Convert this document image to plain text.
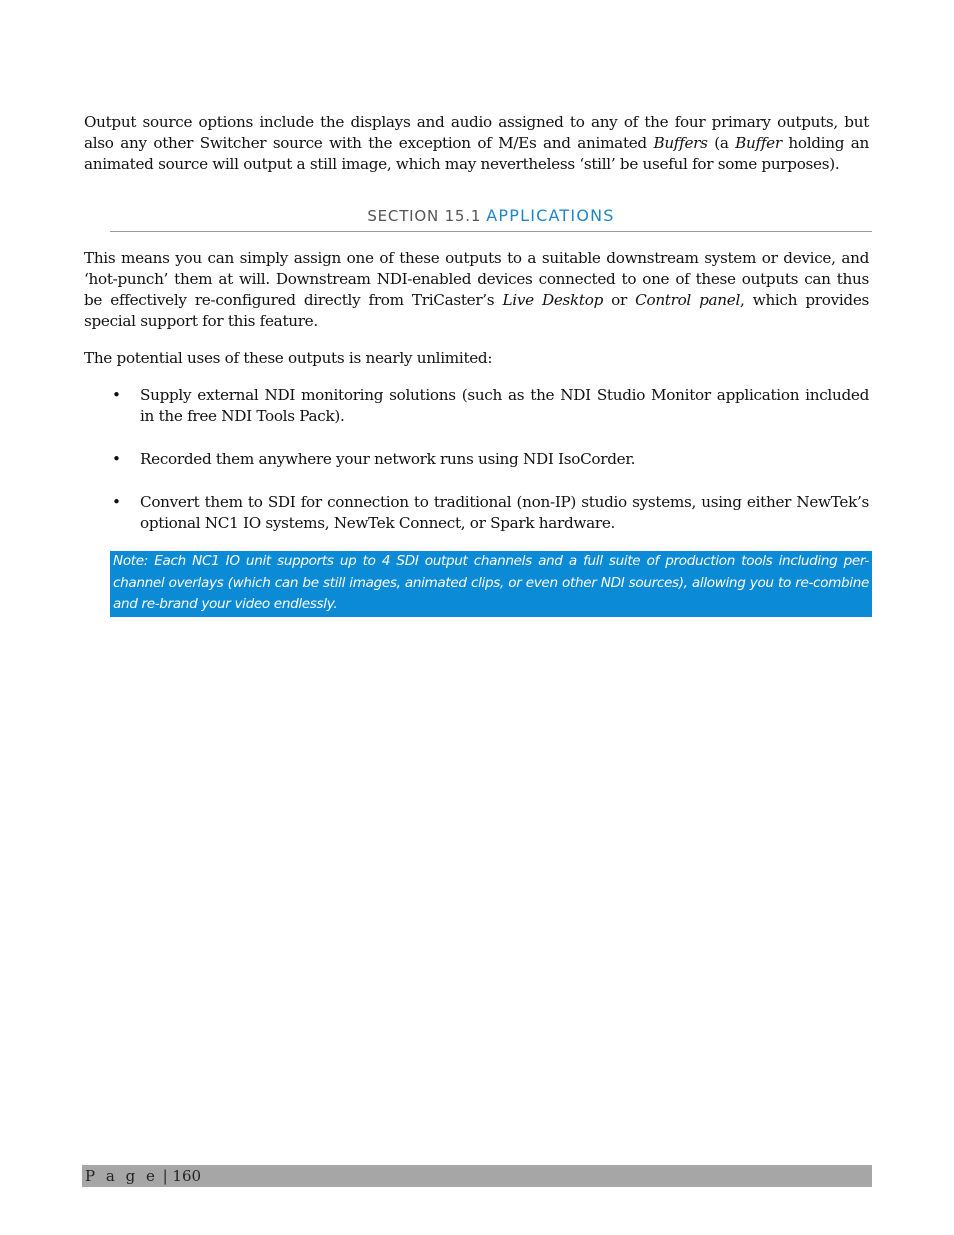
Output source options include the displays and audio assigned to any of the four primary outputs, but also any other Switcher source with the exception of M/Es and animated Buffers (a Buffer holding an animated source will output a still image, which may nevertheless ‘still’ be useful for some purposes).

SECTION 15.1 APPLICATIONS

This means you can simply assign one of these outputs to a suitable downstream system or device, and ‘hot-punch’ them at will. Downstream NDI-enabled devices connected to one of these outputs can thus be effectively re-configured directly from TriCaster’s Live Desktop or Control panel, which provides special support for this feature.

The potential uses of these outputs is nearly unlimited:

• Supply external NDI monitoring solutions (such as the NDI Studio Monitor application included in the free NDI Tools Pack).
• Recorded them anywhere your network runs using NDI IsoCorder.
• Convert them to SDI for connection to traditional (non-IP) studio systems, using either NewTek’s optional NC1 IO systems, NewTek Connect, or Spark hardware.
Note: Each NC1 IO unit supports up to 4 SDI output channels and a full suite of production tools including per-channel overlays (which can be still images, animated clips, or even other NDI sources), allowing you to re-combine and re-brand your video endlessly.
P a g e | 160
